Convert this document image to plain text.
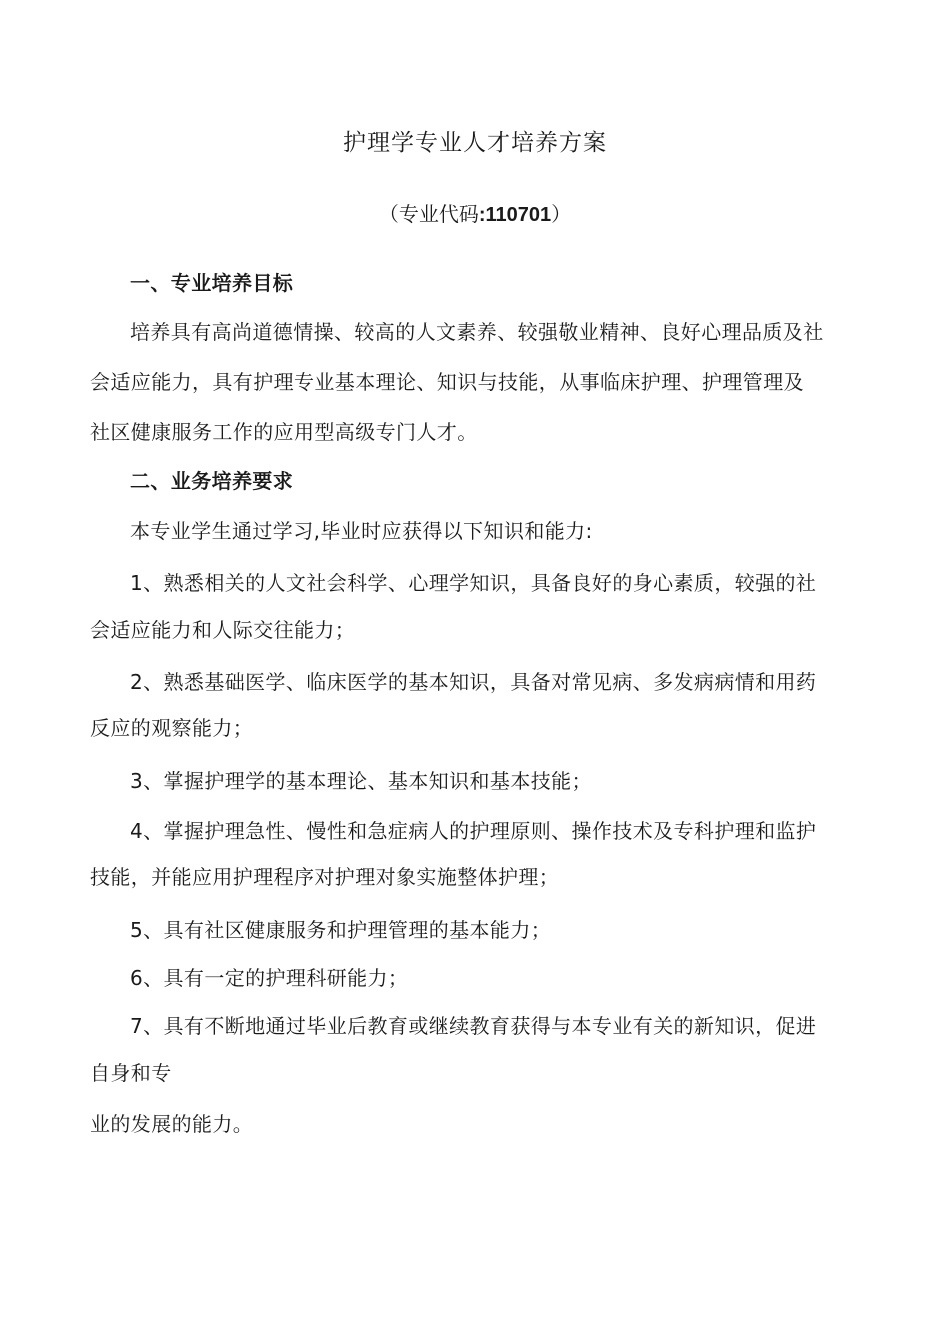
护理学专业人才培养方案
（专业代码:110701）
一、专业培养目标
培养具有高尚道德情操、较高的人文素养、较强敬业精神、良好心理品质及社
会适应能力，具有护理专业基本理论、知识与技能，从事临床护理、护理管理及
社区健康服务工作的应用型高级专门人才。
二、业务培养要求
本专业学生通过学习,毕业时应获得以下知识和能力:
1、熟悉相关的人文社会科学、心理学知识，具备良好的身心素质，较强的社
会适应能力和人际交往能力；
2、熟悉基础医学、临床医学的基本知识，具备对常见病、多发病病情和用药
反应的观察能力；
3、掌握护理学的基本理论、基本知识和基本技能；
4、掌握护理急性、慢性和急症病人的护理原则、操作技术及专科护理和监护
技能，并能应用护理程序对护理对象实施整体护理；
5、具有社区健康服务和护理管理的基本能力；
6、具有一定的护理科研能力；
7、具有不断地通过毕业后教育或继续教育获得与本专业有关的新知识，促进
自身和专
业的发展的能力。
